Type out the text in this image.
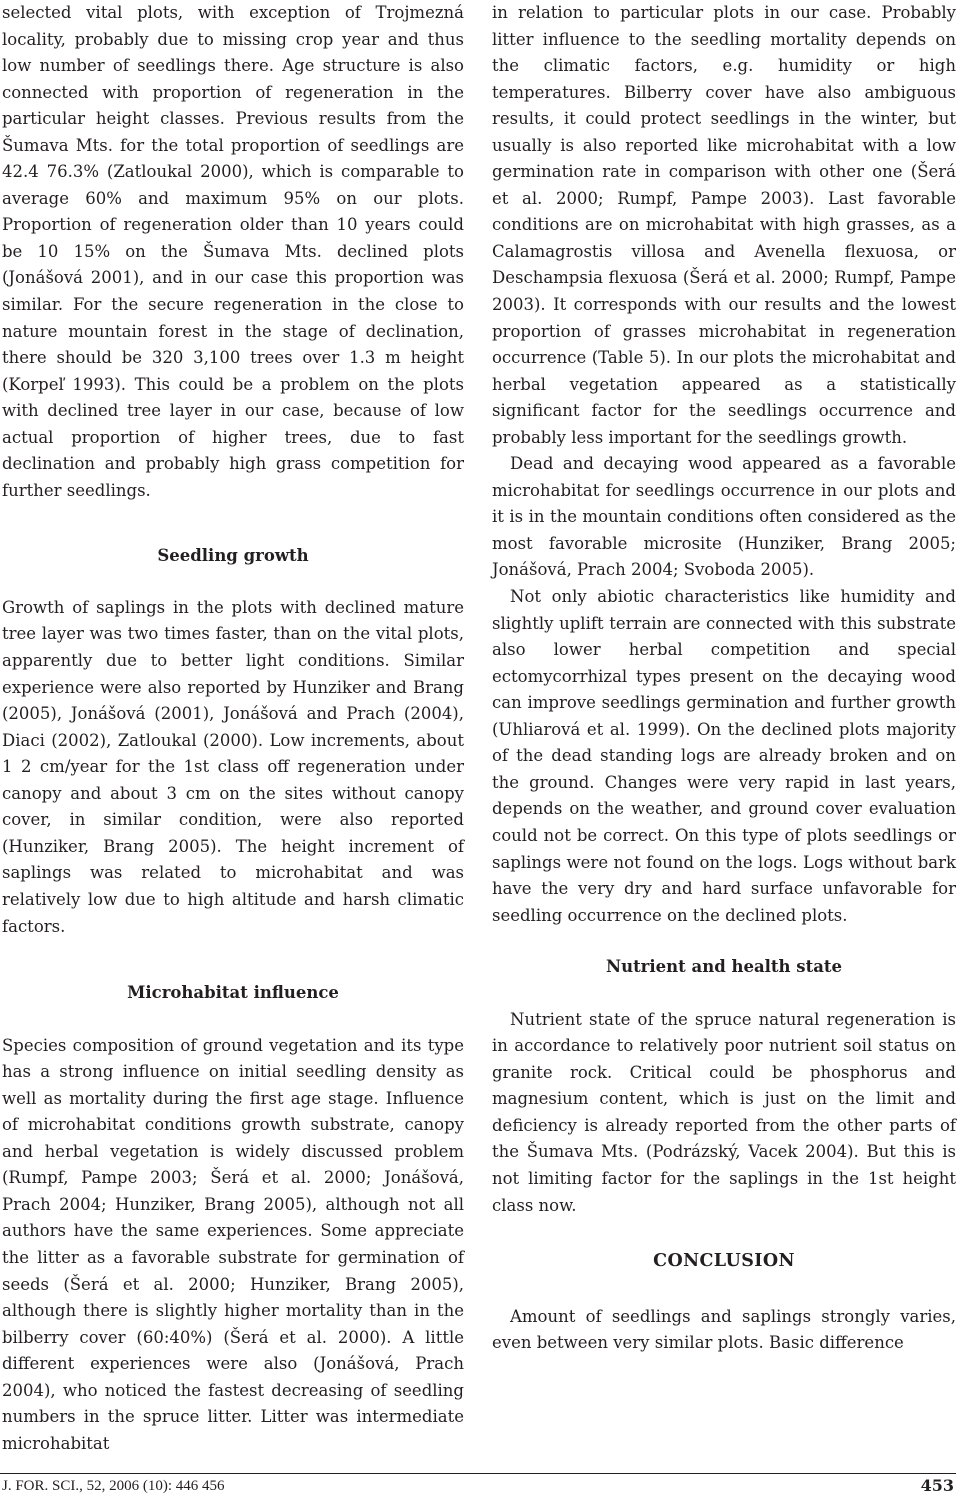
selected vital plots, with exception of Trojmezná locality, probably due to missing crop year and thus low number of seedlings there. Age structure is also connected with proportion of regeneration in the particular height classes. Previous results from the Šumava Mts. for the total proportion of seedlings are 42.4 76.3% (Zatloukal 2000), which is comparable to average 60% and maximum 95% on our plots. Proportion of regeneration older than 10 years could be 10 15% on the Šumava Mts. declined plots (Jonášová 2001), and in our case this proportion was similar. For the secure regeneration in the close to nature mountain forest in the stage of declination, there should be 320 3,100 trees over 1.3 m height (Korpeľ 1993). This could be a problem on the plots with declined tree layer in our case, because of low actual proportion of higher trees, due to fast declination and probably high grass competition for further seedlings.

Seedling growth

Growth of saplings in the plots with declined mature tree layer was two times faster, than on the vital plots, apparently due to better light conditions. Similar experience were also reported by Hunziker and Brang (2005), Jonášová (2001), Jonášová and Prach (2004), Diaci (2002), Zatloukal (2000). Low increments, about 1 2 cm/year for the 1st class off regeneration under canopy and about 3 cm on the sites without canopy cover, in similar condition, were also reported (Hunziker, Brang 2005). The height increment of saplings was related to microhabitat and was relatively low due to high altitude and harsh climatic factors.

Microhabitat influence

Species composition of ground vegetation and its type has a strong influence on initial seedling density as well as mortality during the first age stage. Influence of microhabitat conditions growth substrate, canopy and herbal vegetation is widely discussed problem (Rumpf, Pampe 2003; Šerá et al. 2000; Jonášová, Prach 2004; Hunziker, Brang 2005), although not all authors have the same experiences. Some appreciate the litter as a favorable substrate for germination of seeds (Šerá et al. 2000; Hunziker, Brang 2005), although there is slightly higher mortality than in the bilberry cover (60:40%) (Šerá et al. 2000). A little different experiences were also (Jonášová, Prach 2004), who noticed the fastest decreasing of seedling numbers in the spruce litter. Litter was intermediate microhabitat

in relation to particular plots in our case. Probably litter influence to the seedling mortality depends on the climatic factors, e.g. humidity or high temperatures. Bilberry cover have also ambiguous results, it could protect seedlings in the winter, but usually is also reported like microhabitat with a low germination rate in comparison with other one (Šerá et al. 2000; Rumpf, Pampe 2003). Last favorable conditions are on microhabitat with high grasses, as a Calamagrostis villosa and Avenella flexuosa, or Deschampsia flexuosa (Šerá et al. 2000; Rumpf, Pampe 2003). It corresponds with our results and the lowest proportion of grasses microhabitat in regeneration occurrence (Table 5). In our plots the microhabitat and herbal vegetation appeared as a statistically significant factor for the seedlings occurrence and probably less important for the seedlings growth.

Dead and decaying wood appeared as a favorable microhabitat for seedlings occurrence in our plots and it is in the mountain conditions often considered as the most favorable microsite (Hunziker, Brang 2005; Jonášová, Prach 2004; Svoboda 2005).

Not only abiotic characteristics like humidity and slightly uplift terrain are connected with this substrate also lower herbal competition and special ectomycorrhizal types present on the decaying wood can improve seedlings germination and further growth (Uhliarová et al. 1999). On the declined plots majority of the dead standing logs are already broken and on the ground. Changes were very rapid in last years, depends on the weather, and ground cover evaluation could not be correct. On this type of plots seedlings or saplings were not found on the logs. Logs without bark have the very dry and hard surface unfavorable for seedling occurrence on the declined plots.

Nutrient and health state

Nutrient state of the spruce natural regeneration is in accordance to relatively poor nutrient soil status on granite rock. Critical could be phosphorus and magnesium content, which is just on the limit and deficiency is already reported from the other parts of the Šumava Mts. (Podrázský, Vacek 2004). But this is not limiting factor for the saplings in the 1st height class now.

CONCLUSION

Amount of seedlings and saplings strongly varies, even between very similar plots. Basic difference

J. FOR. SCI., 52, 2006 (10): 446 456	453
